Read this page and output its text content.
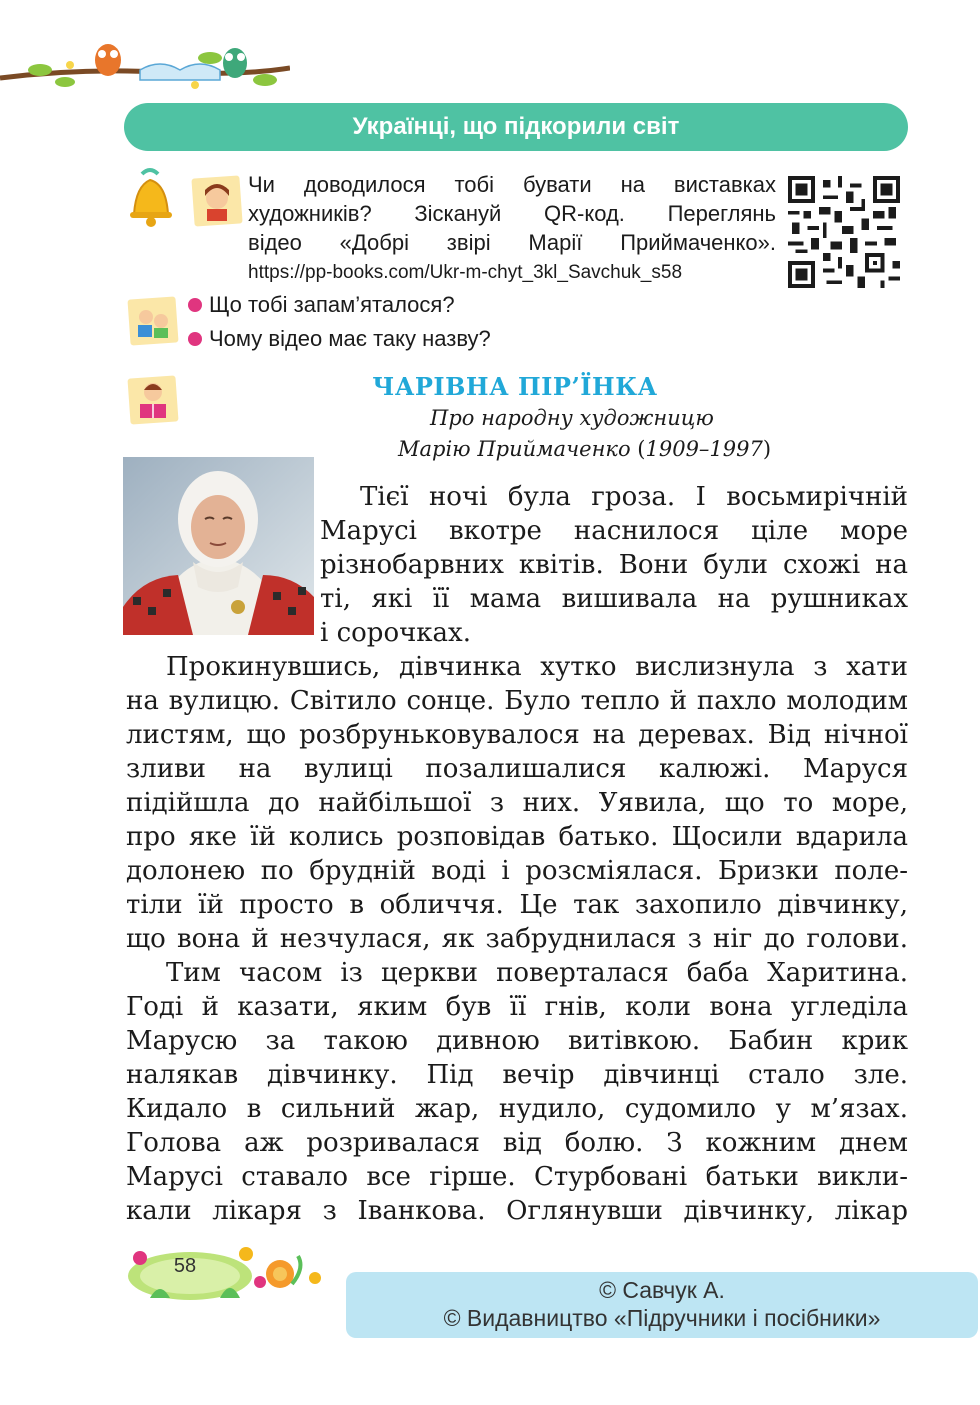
Українці, що підкорили світ

Чи доводилося тобі бувати на виставках

художників? Зіскануй QR-код. Переглянь

відео «Добрі звірі Марії Приймаченко».

https://pp-books.com/Ukr-m-chyt_3kl_Savchuk_s58
Що тобі запам’яталося?
Чому відео має таку назву?
ЧАРІВНА ПІР’ЇНКА
Про народну художницю
Марію Приймаченко (1909–1997)
Тієї ночі була гроза. І восьмирічній
Марусі вкотре наснилося ціле море
різнобарвних квітів. Вони були схожі на
ті, які її мама вишивала на рушниках
і сорочках.
Прокинувшись, дівчинка хутко вислизнула з хати
на вулицю. Світило сонце. Було тепло й пахло молодим
листям, що розбруньковувалося на деревах. Від нічної
зливи на вулиці позалишалися калюжі. Маруся
підійшла до найбільшої з них. Уявила, що то море,
про яке їй колись розповідав батько. Щосили вдарила
долонею по брудній воді і розсміялася. Бризки поле-
тіли їй просто в обличчя. Це так захопило дівчинку,
що вона й незчулася, як забруднилася з ніг до голови.
Тим часом із церкви поверталася баба Харитина.
Годі й казати, яким був її гнів, коли вона угледіла
Марусю за такою дивною витівкою. Бабин крик
налякав дівчинку. Під вечір дівчинці стало зле.
Кидало в сильний жар, нудило, судомило у м’язах.
Голова аж розривалася від болю. З кожним днем
Марусі ставало все гірше. Стурбовані батьки викли-
кали лікаря з Іванкова. Оглянувши дівчинку, лікар
58
© Савчук А.
© Видавництво «Підручники і посібники»
